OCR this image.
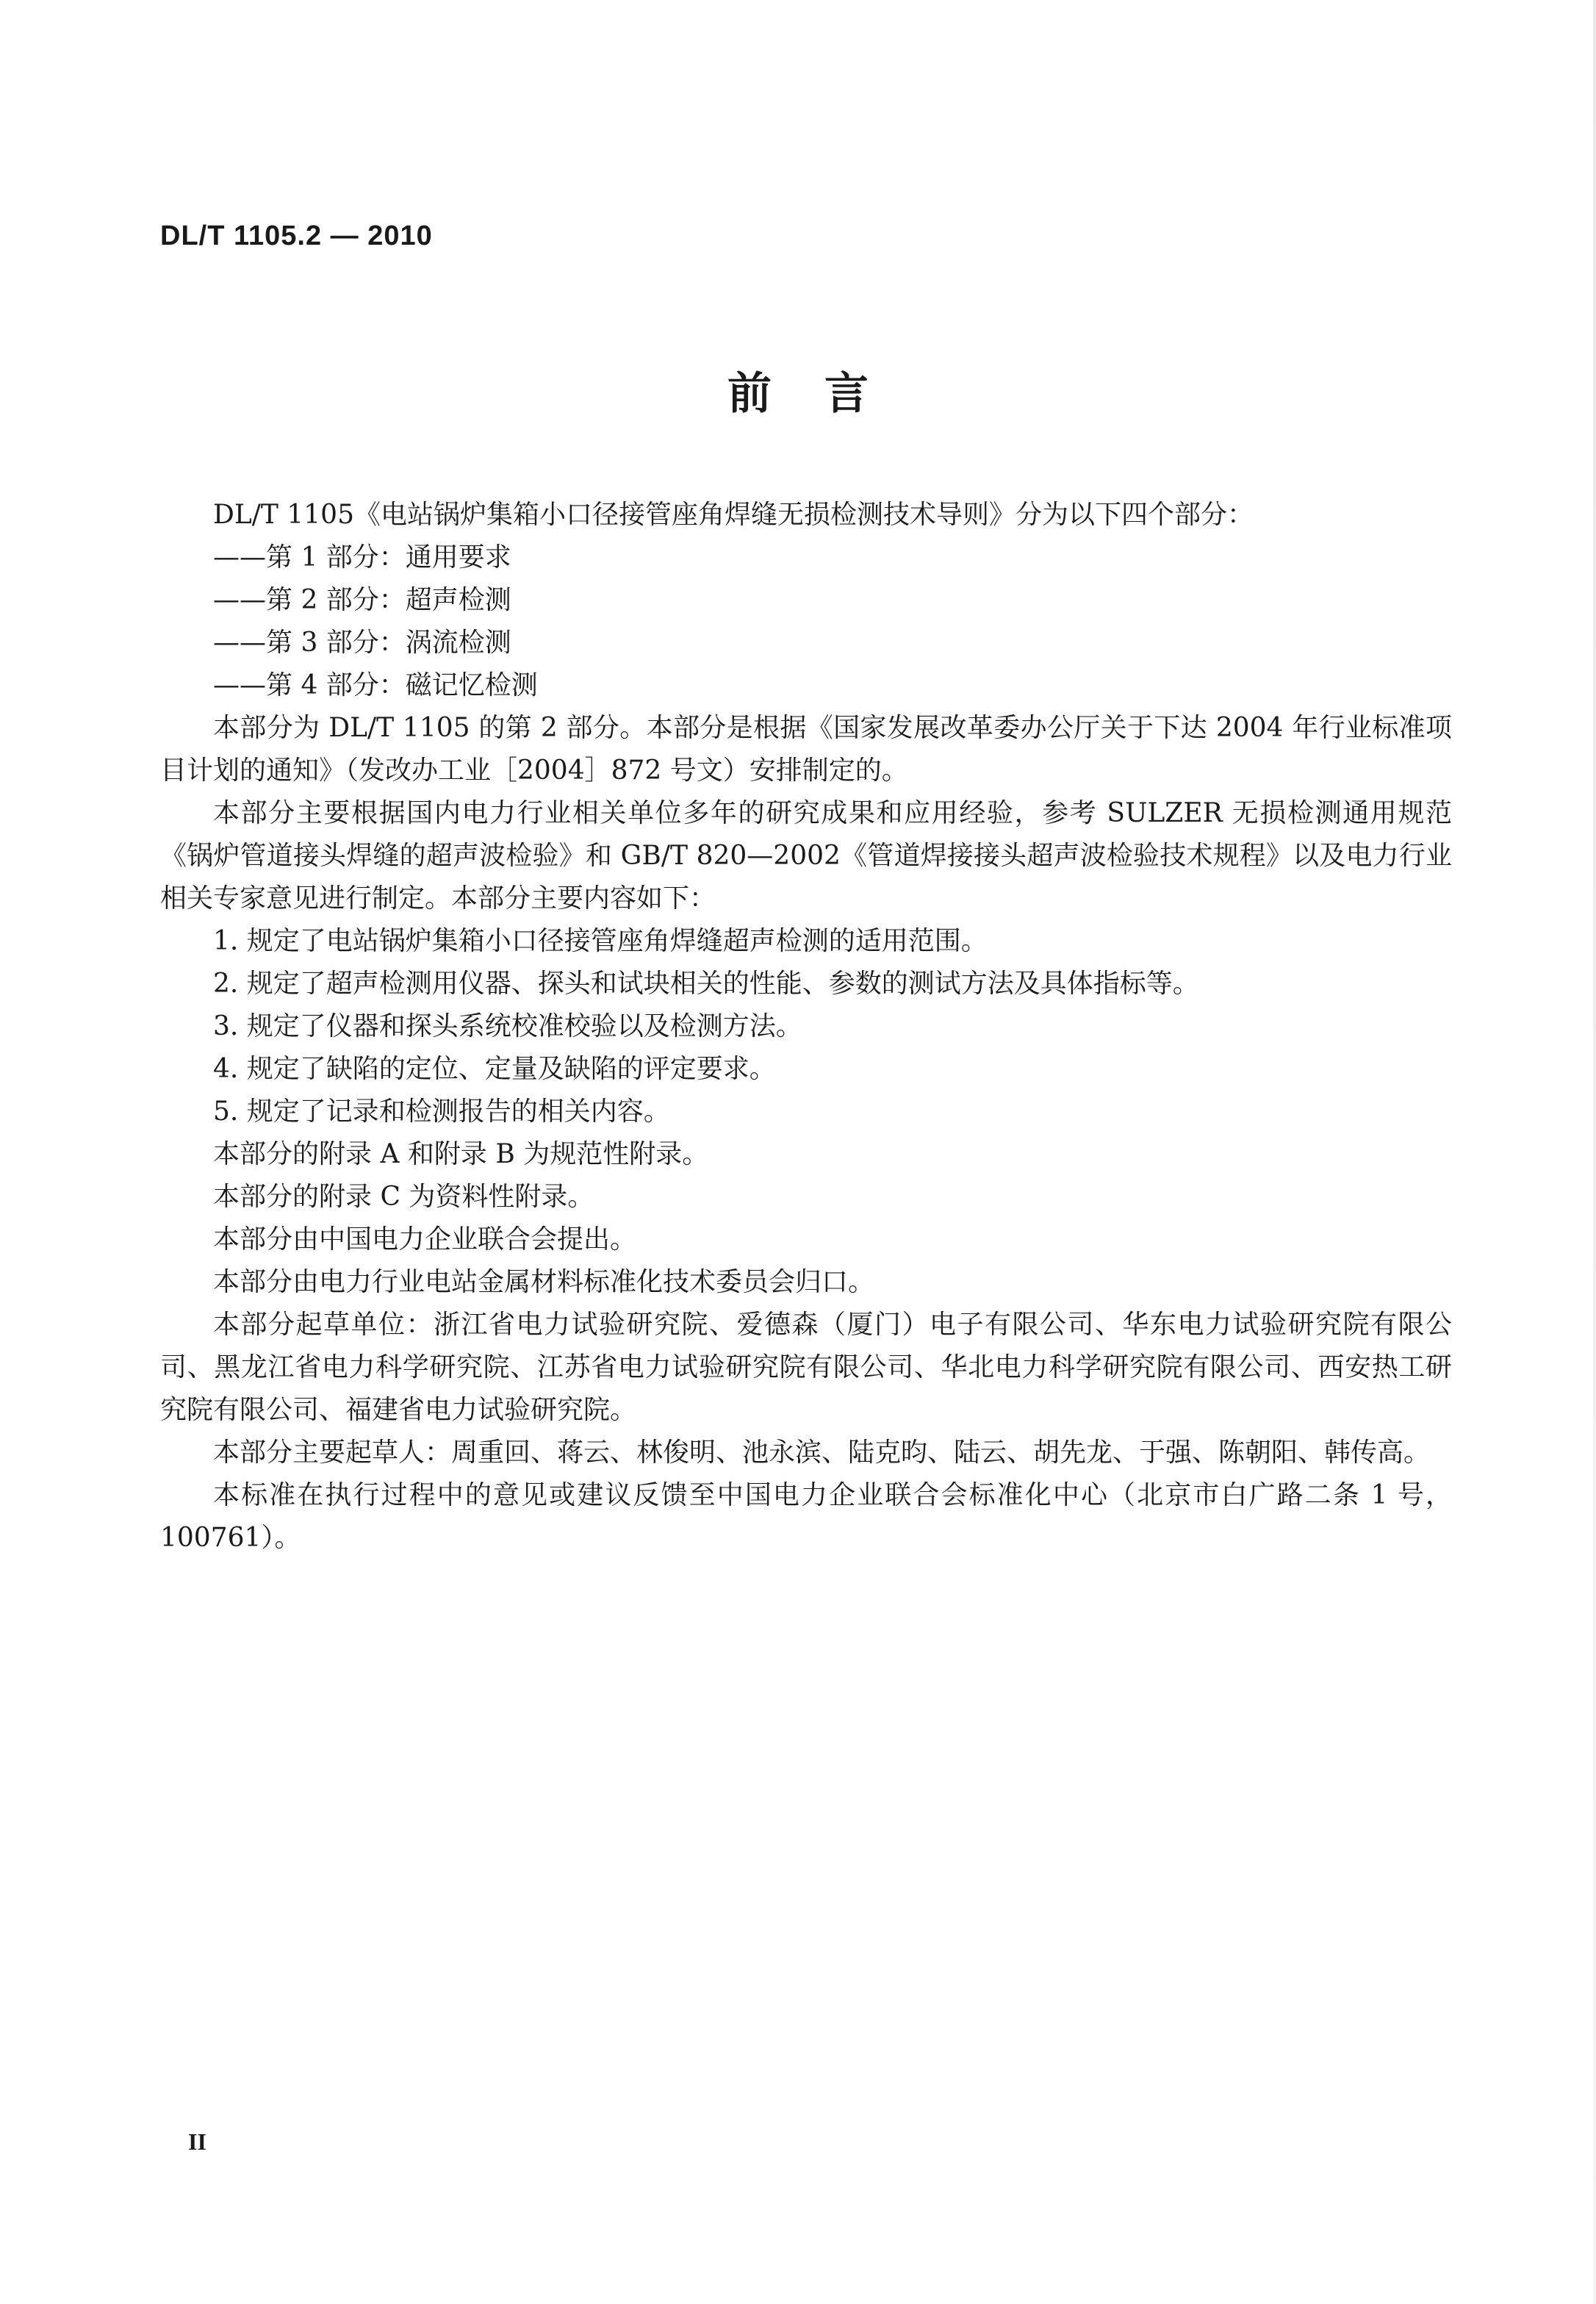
DL/T 1105.2 — 2010
前言

DL/T 1105《电站锅炉集箱小口径接管座角焊缝无损检测技术导则》分为以下四个部分：

——第 1 部分：通用要求

——第 2 部分：超声检测

——第 3 部分：涡流检测

——第 4 部分：磁记忆检测

本部分为 DL/T 1105 的第 2 部分。本部分是根据《国家发展改革委办公厅关于下达 2004 年行业标准项目计划的通知》（发改办工业［2004］872 号文）安排制定的。

本部分主要根据国内电力行业相关单位多年的研究成果和应用经验，参考 SULZER 无损检测通用规范《锅炉管道接头焊缝的超声波检验》和 GB/T 820—2002《管道焊接接头超声波检验技术规程》以及电力行业相关专家意见进行制定。本部分主要内容如下：

1. 规定了电站锅炉集箱小口径接管座角焊缝超声检测的适用范围。

2. 规定了超声检测用仪器、探头和试块相关的性能、参数的测试方法及具体指标等。

3. 规定了仪器和探头系统校准校验以及检测方法。

4. 规定了缺陷的定位、定量及缺陷的评定要求。

5. 规定了记录和检测报告的相关内容。

本部分的附录 A 和附录 B 为规范性附录。

本部分的附录 C 为资料性附录。

本部分由中国电力企业联合会提出。

本部分由电力行业电站金属材料标准化技术委员会归口。

本部分起草单位：浙江省电力试验研究院、爱德森（厦门）电子有限公司、华东电力试验研究院有限公司、黑龙江省电力科学研究院、江苏省电力试验研究院有限公司、华北电力科学研究院有限公司、西安热工研究院有限公司、福建省电力试验研究院。

本部分主要起草人：周重回、蒋云、林俊明、池永滨、陆克昀、陆云、胡先龙、于强、陈朝阳、韩传高。

本标准在执行过程中的意见或建议反馈至中国电力企业联合会标准化中心（北京市白广路二条 1 号，100761）。

II
